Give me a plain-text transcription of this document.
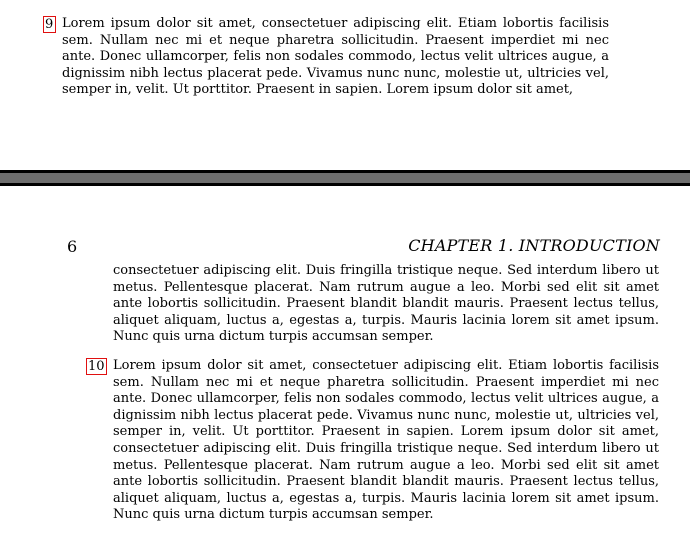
9 Lorem ipsum dolor sit amet, consectetuer adipiscing elit. Etiam lobortis facilisis sem. Nullam nec mi et neque pharetra sollicitudin. Praesent imperdiet mi nec ante. Donec ullamcorper, felis non sodales commodo, lectus velit ultrices augue, a dignissim nibh lectus placerat pede. Vivamus nunc nunc, molestie ut, ultricies vel, semper in, velit. Ut porttitor. Praesent in sapien. Lorem ipsum dolor sit amet,
6	CHAPTER 1. INTRODUCTION
consectetuer adipiscing elit. Duis fringilla tristique neque. Sed interdum libero ut metus. Pellentesque placerat. Nam rutrum augue a leo. Morbi sed elit sit amet ante lobortis sollicitudin. Praesent blandit blandit mauris. Praesent lectus tellus, aliquet aliquam, luctus a, egestas a, turpis. Mauris lacinia lorem sit amet ipsum. Nunc quis urna dictum turpis accumsan semper.
10 Lorem ipsum dolor sit amet, consectetuer adipiscing elit. Etiam lobortis facilisis sem. Nullam nec mi et neque pharetra sollicitudin. Praesent imperdiet mi nec ante. Donec ullamcorper, felis non sodales commodo, lectus velit ultrices augue, a dignissim nibh lectus placerat pede. Vivamus nunc nunc, molestie ut, ultricies vel, semper in, velit. Ut porttitor. Praesent in sapien. Lorem ipsum dolor sit amet, consectetuer adipiscing elit. Duis fringilla tristique neque. Sed interdum libero ut metus. Pellentesque placerat. Nam rutrum augue a leo. Morbi sed elit sit amet ante lobortis sollicitudin. Praesent blandit blandit mauris. Praesent lectus tellus, aliquet aliquam, luctus a, egestas a, turpis. Mauris lacinia lorem sit amet ipsum. Nunc quis urna dictum turpis accumsan semper.
